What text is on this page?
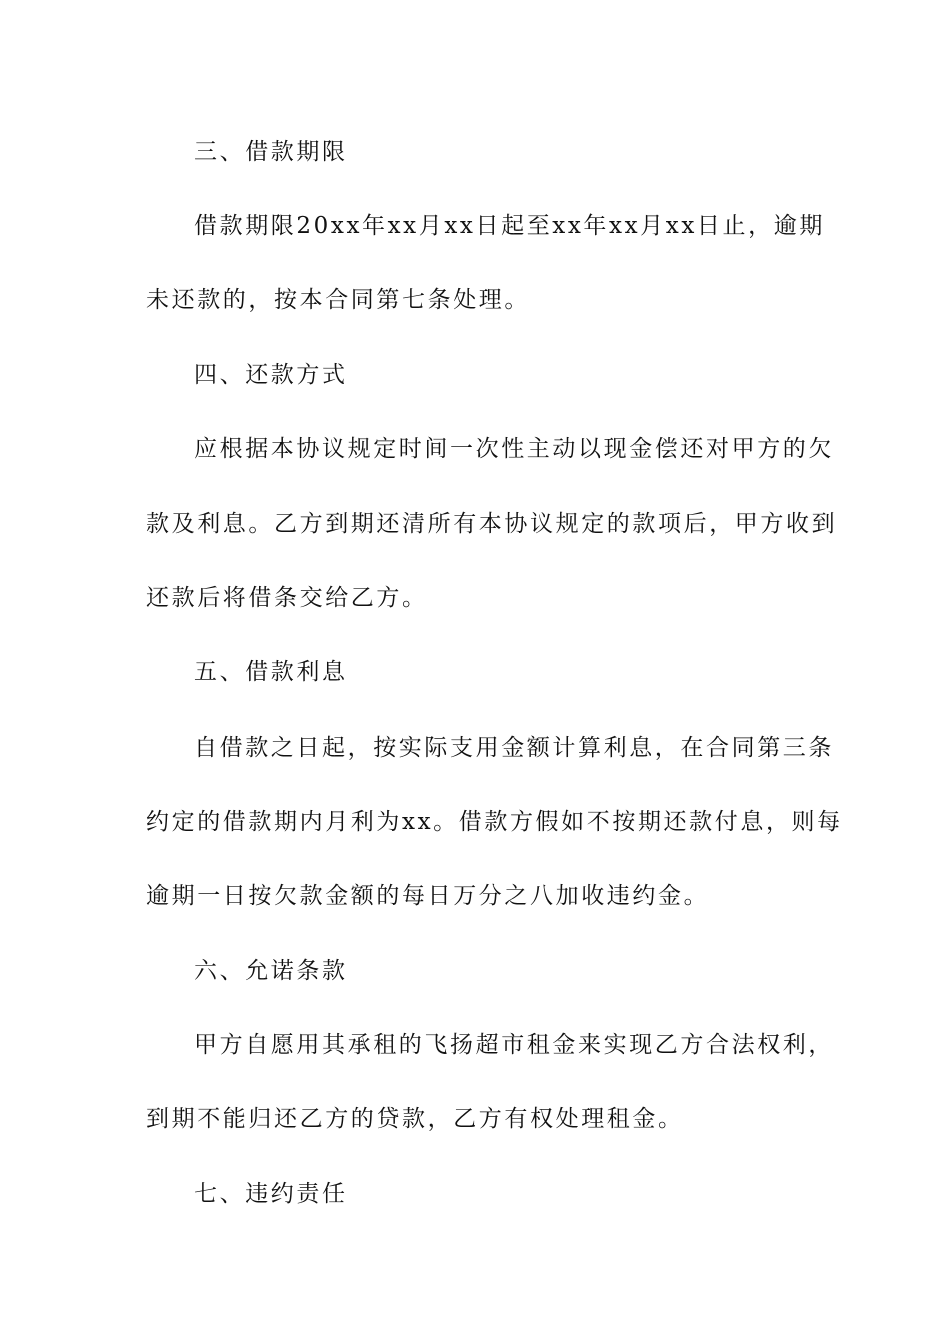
三、借款期限
借款期限20xx年xx月xx日起至xx年xx月xx日止，逾期
未还款的，按本合同第七条处理。
四、还款方式
应根据本协议规定时间一次性主动以现金偿还对甲方的欠
款及利息。乙方到期还清所有本协议规定的款项后，甲方收到
还款后将借条交给乙方。
五、借款利息
自借款之日起，按实际支用金额计算利息，在合同第三条
约定的借款期内月利为xx。借款方假如不按期还款付息，则每
逾期一日按欠款金额的每日万分之八加收违约金。
六、允诺条款
甲方自愿用其承租的飞扬超市租金来实现乙方合法权利，
到期不能归还乙方的贷款，乙方有权处理租金。
七、违约责任
